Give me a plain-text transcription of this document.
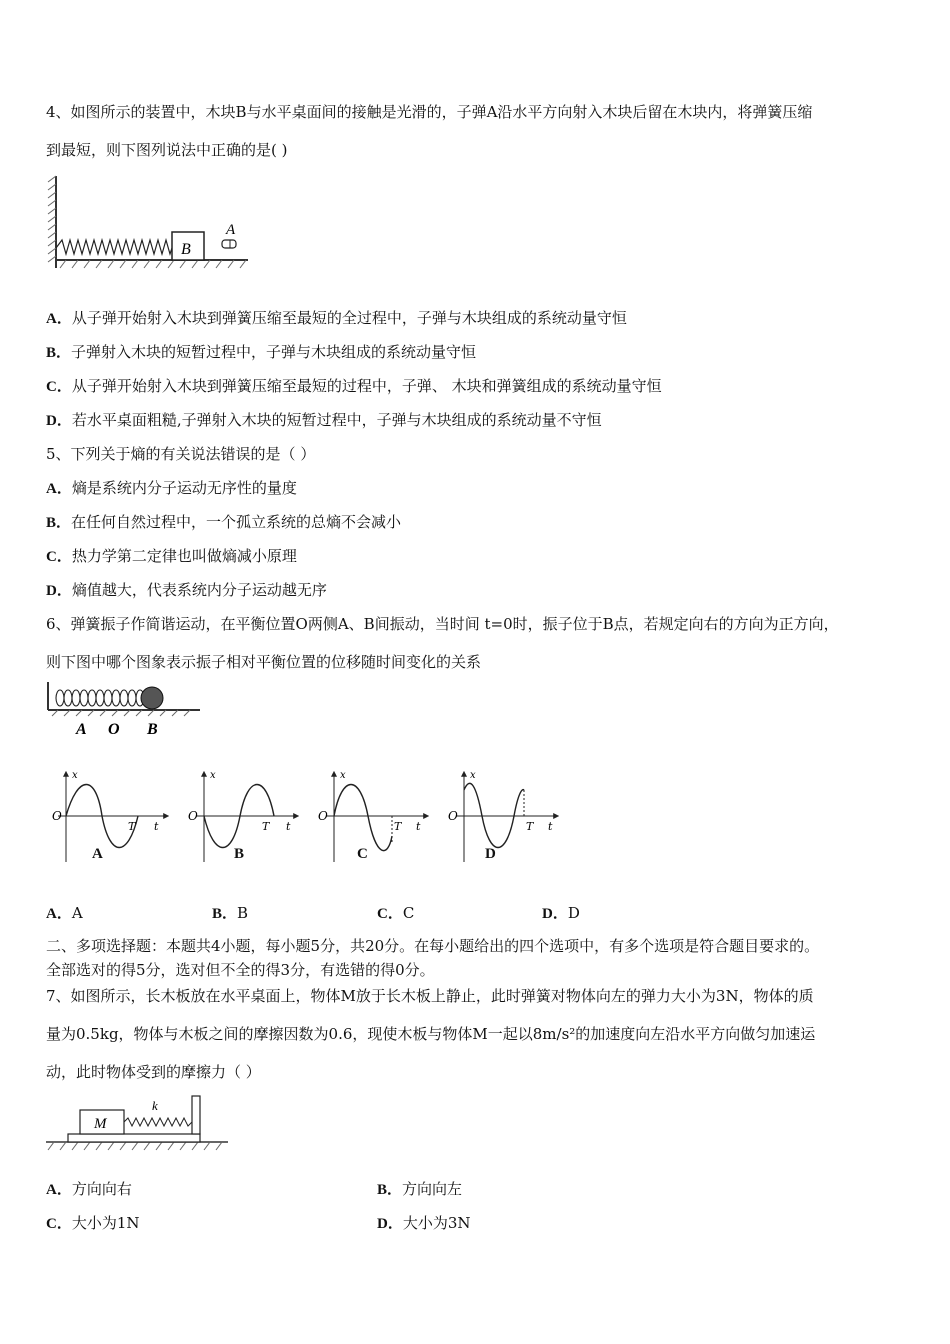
4、如图所示的装置中，木块B与水平桌面间的接触是光滑的，子弹A沿水平方向射入木块后留在木块内，将弹簧压缩
到最短，则下图列说法中正确的是( )
B
A
A．从子弹开始射入木块到弹簧压缩至最短的全过程中，子弹与木块组成的系统动量守恒
B．子弹射入木块的短暂过程中，子弹与木块组成的系统动量守恒
C．从子弹开始射入木块到弹簧压缩至最短的过程中，子弹、 木块和弹簧组成的系统动量守恒
D．若水平桌面粗糙,子弹射入木块的短暂过程中，子弹与木块组成的系统动量不守恒
5、下列关于熵的有关说法错误的是（ ）
A．熵是系统内分子运动无序性的量度
B．在任何自然过程中，一个孤立系统的总熵不会减小
C．热力学第二定律也叫做熵减小原理
D．熵值越大，代表系统内分子运动越无序
6、弹簧振子作简谐运动，在平衡位置O两侧A、B间振动，当时间 t=0时，振子位于B点，若规定向右的方向为正方向，
则下图中哪个图象表示振子相对平衡位置的位移随时间变化的关系
A O B
x
O
T t
x
O
T t
x
O
T t
x
O
T t
A	B	C	D
A．A	B．B	C．C	D．D
二、多项选择题：本题共4小题，每小题5分，共20分。在每小题给出的四个选项中，有多个选项是符合题目要求的。
全部选对的得5分，选对但不全的得3分，有选错的得0分。
7、如图所示，长木板放在水平桌面上，物体M放于长木板上静止，此时弹簧对物体向左的弹力大小为3N，物体的质
量为0.5kg，物体与木板之间的摩擦因数为0.6，现使木板与物体M一起以8m/s²的加速度向左沿水平方向做匀加速运
动，此时物体受到的摩擦力（ ）
M
k
A．方向向右	B．方向向左
C．大小为1N	D．大小为3N
